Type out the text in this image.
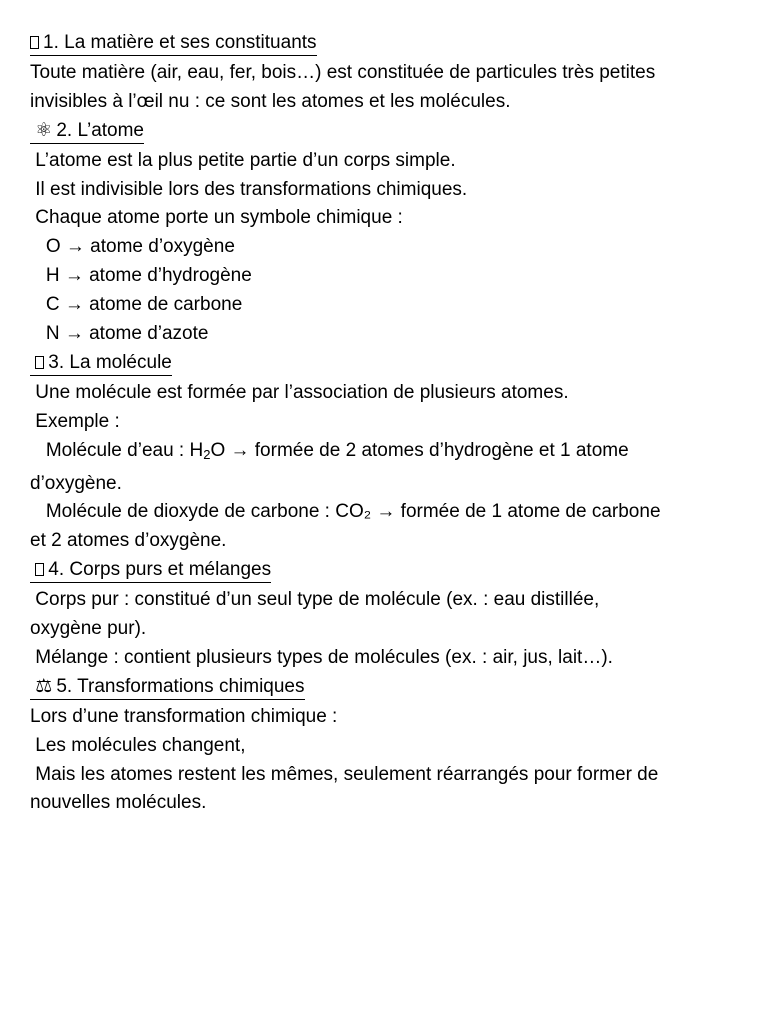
1. La matière et ses constituants
Toute matière (air, eau, fer, bois…) est constituée de particules très petites
invisibles à l’œil nu : ce sont les atomes et les molécules.
⚛ 2. L’atome
L’atome est la plus petite partie d’un corps simple.
Il est indivisible lors des transformations chimiques.
Chaque atome porte un symbole chimique :
O → atome d’oxygène
H → atome d’hydrogène
C → atome de carbone
N → atome d’azote
3. La molécule
Une molécule est formée par l’association de plusieurs atomes.
Exemple :
Molécule d’eau : $H_2O$ → formée de 2 atomes d’hydrogène et 1 atome
d’oxygène.
Molécule de dioxyde de carbone : CO₂ → formée de 1 atome de carbone
et 2 atomes d’oxygène.
4. Corps purs et mélanges
Corps pur : constitué d’un seul type de molécule (ex. : eau distillée,
oxygène pur).
Mélange : contient plusieurs types de molécules (ex. : air, jus, lait…).
⚖ 5. Transformations chimiques
Lors d’une transformation chimique :
Les molécules changent,
Mais les atomes restent les mêmes, seulement réarrangés pour former de
nouvelles molécules.
